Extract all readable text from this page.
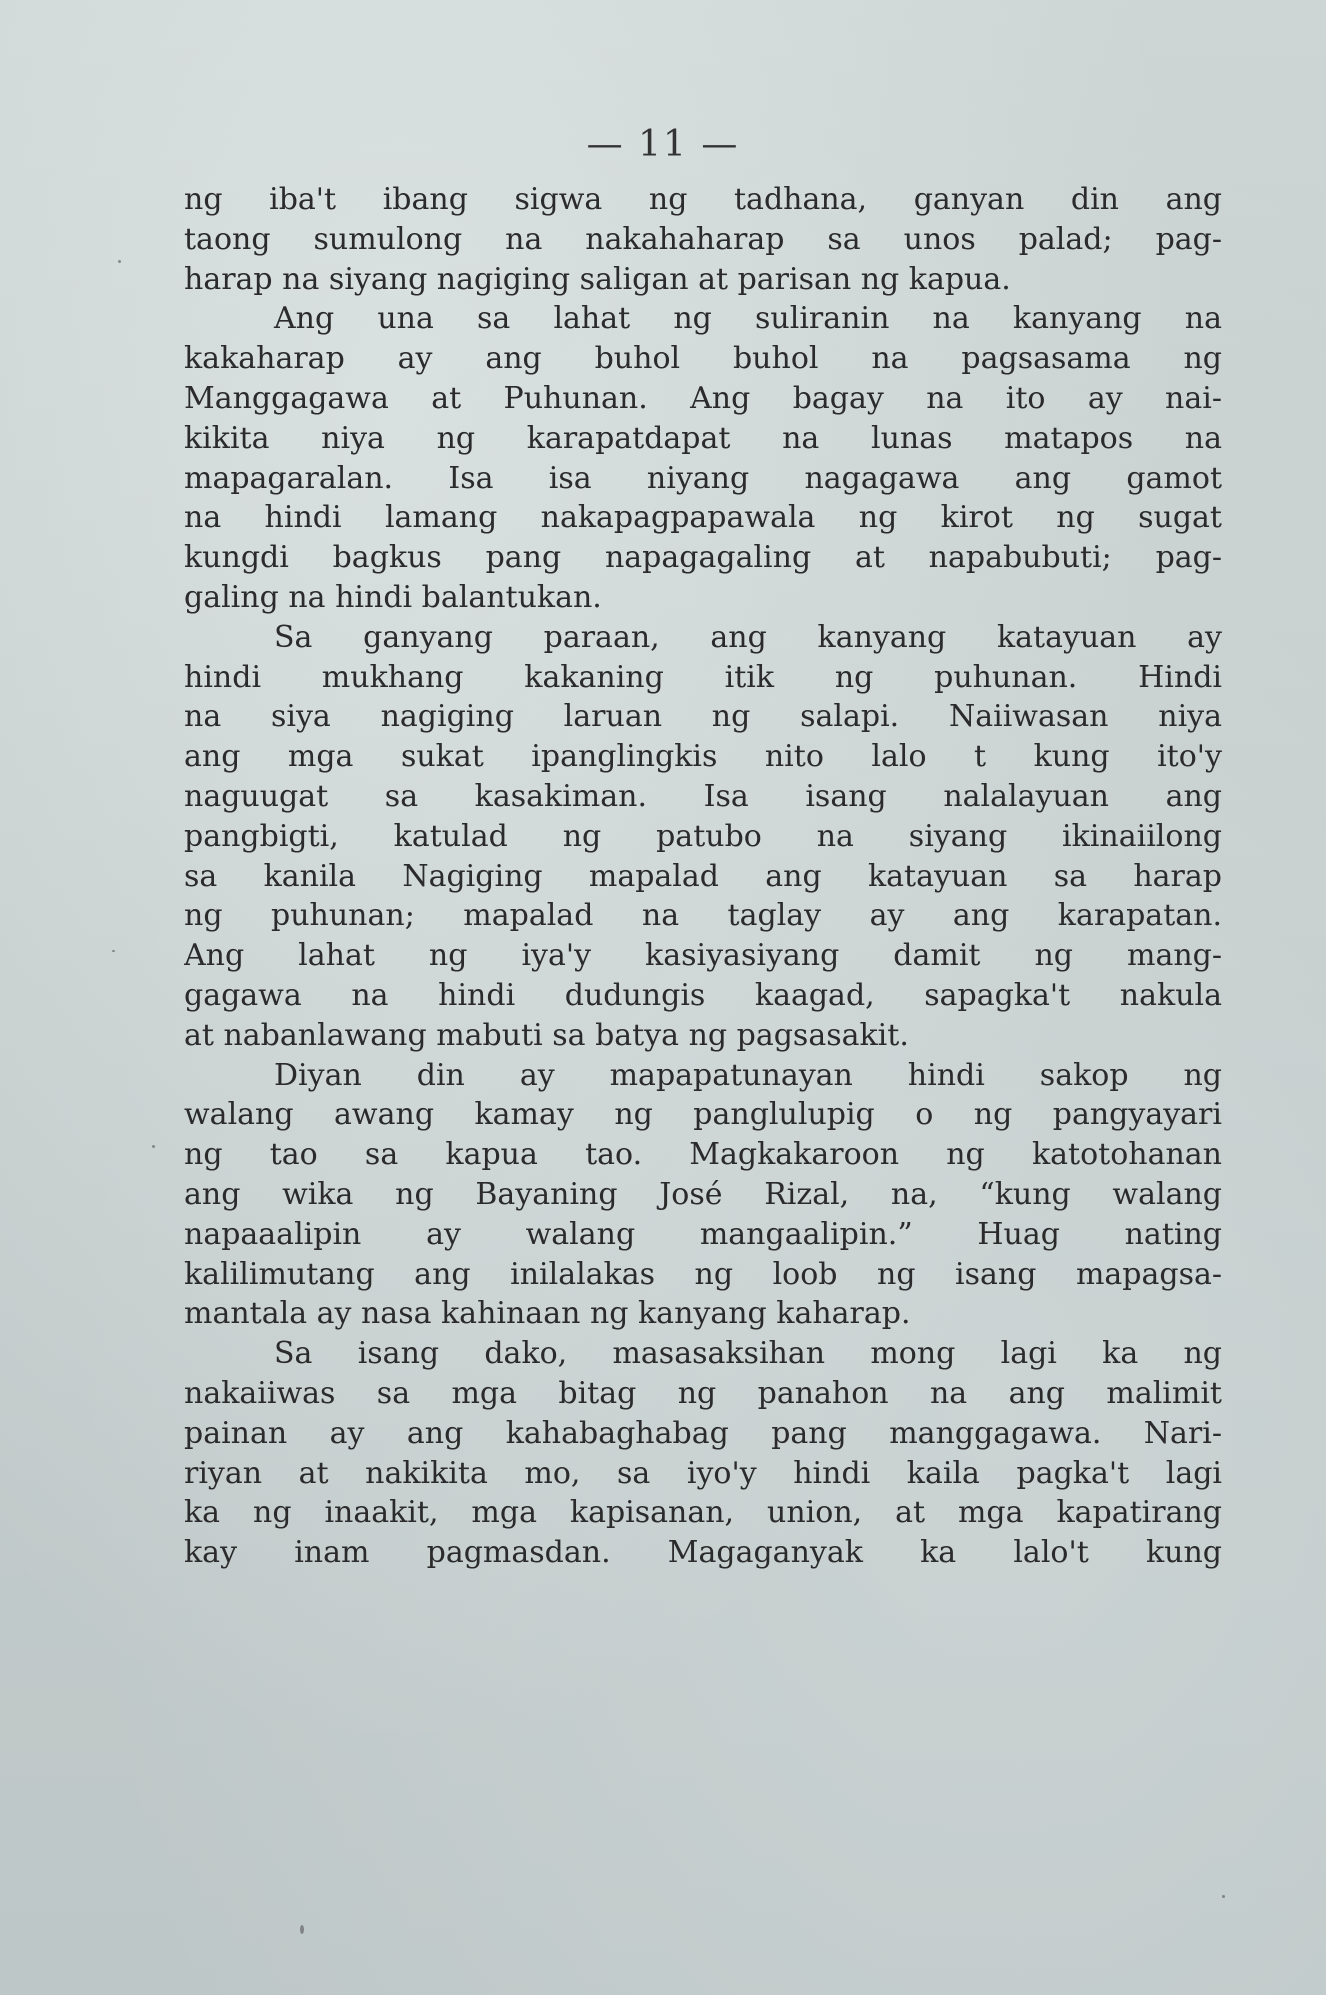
— 11 —
ng iba't ibang sigwa ng tadhana, ganyan din ang
taong sumulong na nakahaharap sa unos palad; pag-
harap na siyang nagiging saligan at parisan ng kapua.
Ang una sa lahat ng suliranin na kanyang na
kakaharap ay ang buhol buhol na pagsasama ng
Manggagawa at Puhunan. Ang bagay na ito ay nai-
kikita niya ng karapatdapat na lunas matapos na
mapagaralan. Isa isa niyang nagagawa ang gamot
na hindi lamang nakapagpapawala ng kirot ng sugat
kungdi bagkus pang napagagaling at napabubuti; pag-
galing na hindi balantukan.
Sa ganyang paraan, ang kanyang katayuan ay
hindi mukhang kakaning itik ng puhunan. Hindi
na siya nagiging laruan ng salapi. Naiiwasan niya
ang mga sukat ipanglingkis nito lalo t kung ito'y
naguugat sa kasakiman. Isa isang nalalayuan ang
pangbigti, katulad ng patubo na siyang ikinaiilong
sa kanila Nagiging mapalad ang katayuan sa harap
ng puhunan; mapalad na taglay ay ang karapatan.
Ang lahat ng iya'y kasiyasiyang damit ng mang-
gagawa na hindi dudungis kaagad, sapagka't nakula
at nabanlawang mabuti sa batya ng pagsasakit.
Diyan din ay mapapatunayan hindi sakop ng
walang awang kamay ng panglulupig o ng pangyayari
ng tao sa kapua tao. Magkakaroon ng katotohanan
ang wika ng Bayaning José Rizal, na, “kung walang
napaaalipin ay walang mangaalipin.” Huag nating
kalilimutang ang inilalakas ng loob ng isang mapagsa-
mantala ay nasa kahinaan ng kanyang kaharap.
Sa isang dako, masasaksihan mong lagi ka ng
nakaiiwas sa mga bitag ng panahon na ang malimit
painan ay ang kahabaghabag pang manggagawa. Nari-
riyan at nakikita mo, sa iyo'y hindi kaila pagka't lagi
ka ng inaakit, mga kapisanan, union, at mga kapatirang
kay inam pagmasdan. Magaganyak ka lalo't kung
